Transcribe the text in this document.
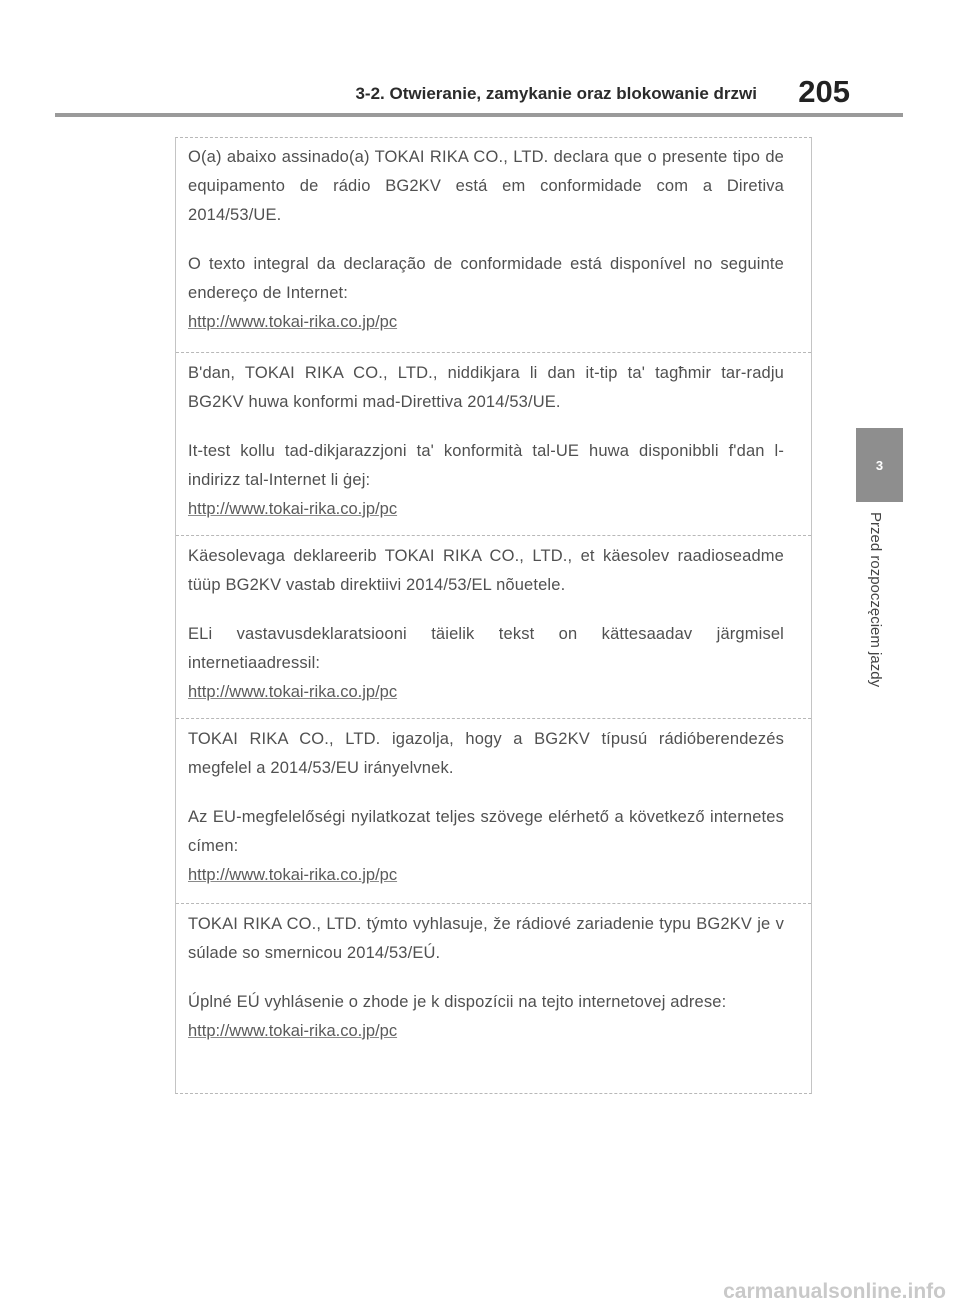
3-2. Otwieranie, zamykanie oraz blokowanie drzwi 205
3
Przed rozpoczęciem jazdy

O(a) abaixo assinado(a) TOKAI RIKA CO., LTD. declara que o presente tipo de equipamento de rádio BG2KV está em conformidade com a Diretiva 2014/53/UE.

O texto integral da declaração de conformidade está disponível no seguinte endereço de Internet:

http://www.tokai-rika.co.jp/pc

B'dan, TOKAI RIKA CO., LTD., niddikjara li dan it-tip ta' tagħmir tar-radju BG2KV huwa konformi mad-Direttiva 2014/53/UE.

It-test kollu tad-dikjarazzjoni ta' konformità tal-UE huwa disponibbli f'dan l-indirizz tal-Internet li ġej:

http://www.tokai-rika.co.jp/pc

Käesolevaga deklareerib TOKAI RIKA CO., LTD., et käesolev raadioseadme tüüp BG2KV vastab direktiivi 2014/53/EL nõuetele.

ELi vastavusdeklaratsiooni täielik tekst on kättesaadav järgmisel internetiaadressil:

http://www.tokai-rika.co.jp/pc

TOKAI RIKA CO., LTD. igazolja, hogy a BG2KV típusú rádióberendezés megfelel a 2014/53/EU irányelvnek.

Az EU-megfelelőségi nyilatkozat teljes szövege elérhető a következő internetes címen:

http://www.tokai-rika.co.jp/pc

TOKAI RIKA CO., LTD. týmto vyhlasuje, že rádiové zariadenie typu BG2KV je v súlade so smernicou 2014/53/EÚ.

Úplné EÚ vyhlásenie o zhode je k dispozícii na tejto internetovej adrese:

http://www.tokai-rika.co.jp/pc
carmanualsonline.info
